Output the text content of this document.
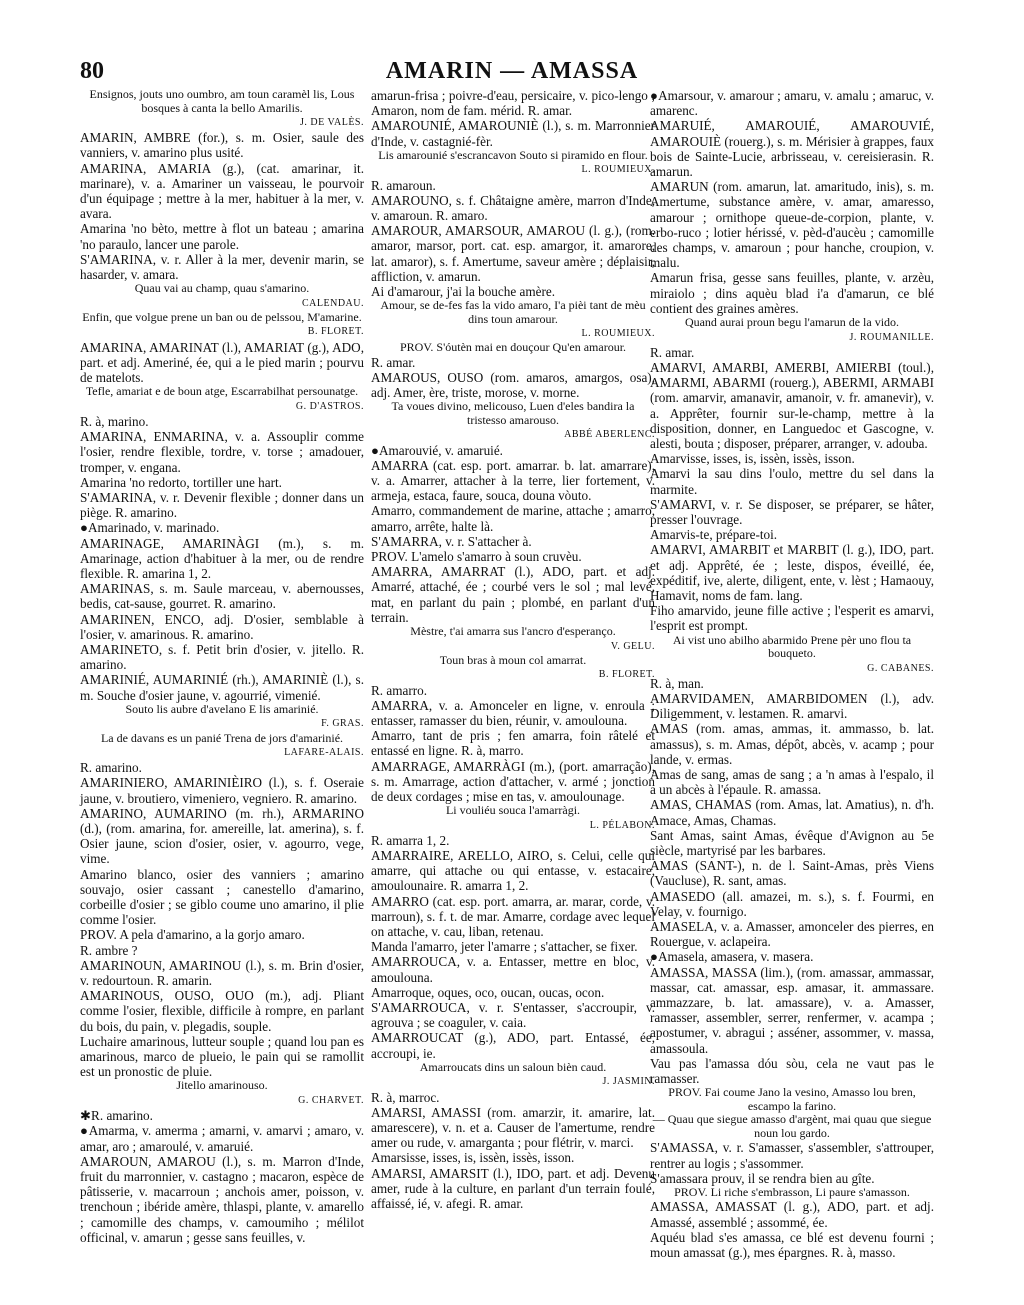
80	AMARIN — AMASSA

Ensignos, jouts uno oumbro, am toun caramèl lis, Lous bosques à canta la bello Amarilis.

J. DE VALÈS.

AMARIN, AMBRE (for.), s. m. Osier, saule des vanniers, v. amarino plus usité.

AMARINA, AMARIA (g.), (cat. amarinar, it. marinare), v. a. Amariner un vaisseau, le pourvoir d'un équipage ; mettre à la mer, habituer à la mer, v. avara.

Amarina 'no bèto, mettre à flot un bateau ; amarina 'no paraulo, lancer une parole.

S'AMARINA, v. r. Aller à la mer, devenir marin, se hasarder, v. amara.

Quau vai au champ, quau s'amarino.

CALENDAU.

Enfin, que volgue prene un ban ou de pelssou, M'amarine.

B. FLORET.

AMARINA, AMARINAT (l.), AMARIAT (g.), ADO, part. et adj. Ameriné, ée, qui a le pied marin ; pourvu de matelots.

Tefle, amariat e de boun atge, Escarrabilhat persounatge.

G. D'ASTROS.

R. à, marino.

AMARINA, ENMARINA, v. a. Assouplir comme l'osier, rendre flexible, tordre, v. torse ; amadouer, tromper, v. engana.

Amarina 'no redorto, tortiller une hart.

S'AMARINA, v. r. Devenir flexible ; donner dans un piège. R. amarino.

●Amarinado, v. marinado.

AMARINAGE, AMARINÀGI (m.), s. m. Amarinage, action d'habituer à la mer, ou de rendre flexible. R. amarina 1, 2.

AMARINAS, s. m. Saule marceau, v. abernousses, bedis, cat-sause, gourret. R. amarino.

AMARINEN, ENCO, adj. D'osier, semblable à l'osier, v. amarinous. R. amarino.

AMARINETO, s. f. Petit brin d'osier, v. jitello. R. amarino.

AMARINIÉ, AUMARINIÉ (rh.), AMARINIÈ (l.), s. m. Souche d'osier jaune, v. agourrié, vimenié.

Souto lis aubre d'avelano E lis amarinié.

F. GRAS.

La de davans es un panié Trena de jors d'amarinié.

LAFARE-ALAIS.

R. amarino.

AMARINIERO, AMARINIÈIRO (l.), s. f. Oseraie jaune, v. broutiero, vimeniero, vegniero. R. amarino.

AMARINO, AUMARINO (m. rh.), ARMARINO (d.), (rom. amarina, for. amereille, lat. amerina), s. f. Osier jaune, scion d'osier, osier, v. agourro, vege, vime.

Amarino blanco, osier des vanniers ; amarino souvajo, osier cassant ; canestello d'amarino, corbeille d'osier ; se giblo coume uno amarino, il plie comme l'osier.

PROV. A pela d'amarino, a la gorjo amaro.

R. ambre ?

AMARINOUN, AMARINOU (l.), s. m. Brin d'osier, v. redourtoun. R. amarin.

AMARINOUS, OUSO, OUO (m.), adj. Pliant comme l'osier, flexible, difficile à rompre, en parlant du bois, du pain, v. plegadis, souple.

Luchaire amarinous, lutteur souple ; quand lou pan es amarinous, marco de plueio, le pain qui se ramollit est un pronostic de pluie.

Jitello amarinouso.

G. CHARVET.

✱R. amarino.

●Amarma, v. amerma ; amarni, v. amarvi ; amaro, v. amar, aro ; amaroulé, v. amaruié.

AMAROUN, AMAROU (l.), s. m. Marron d'Inde, fruit du marronnier, v. castagno ; macaron, espèce de pâtisserie, v. macarroun ; anchois amer, poisson, v. trenchoun ; ibéride amère, thlaspi, plante, v. amarello ; camomille des champs, v. camoumiho ; mélilot officinal, v. amarun ; gesse sans feuilles, v.

amarun-frisa ; poivre-d'eau, persicaire, v. pico-lengo ; Amaron, nom de fam. mérid. R. amar.

AMAROUNIÉ, AMAROUNIÈ (l.), s. m. Marronnier d'Inde, v. castagnié-fèr.

Lis amarounié s'escrancavon Souto si piramido en flour.

L. ROUMIEUX.

R. amaroun.

AMAROUNO, s. f. Châtaigne amère, marron d'Inde, v. amaroun. R. amaro.

AMAROUR, AMARSOUR, AMAROU (l. g.), (rom. amaror, marsor, port. cat. esp. amargor, it. amarore, lat. amaror), s. f. Amertume, saveur amère ; déplaisir, affliction, v. amarun.

Ai d'amarour, j'ai la bouche amère.

Amour, se de-fes fas la vido amaro, I'a pièi tant de mèu dins toun amarour.

L. ROUMIEUX.

PROV. S'óutèn mai en douçour Qu'en amarour.

R. amar.

AMAROUS, OUSO (rom. amaros, amargos, osa), adj. Amer, ère, triste, morose, v. morne.

Ta voues divino, melicouso, Luen d'eles bandira la tristesso amarouso.

ABBÉ ABERLENC.

●Amarouvié, v. amaruié.

AMARRA (cat. esp. port. amarrar. b. lat. amarrare), v. a. Amarrer, attacher à la terre, lier fortement, v. armeja, estaca, faure, souca, douna vòuto.

Amarro, commandement de marine, attache ; amarro, amarro, arrête, halte là.

S'AMARRA, v. r. S'attacher à.

PROV. L'amelo s'amarro à soun cruvèu.

AMARRA, AMARRAT (l.), ADO, part. et adj. Amarré, attaché, ée ; courbé vers le sol ; mal levé, mat, en parlant du pain ; plombé, en parlant d'un terrain.

Mèstre, t'ai amarra sus l'ancro d'esperanço.

V. GELU.

Toun bras à moun col amarrat.

B. FLORET.

R. amarro.

AMARRA, v. a. Amonceler en ligne, v. enroula ; entasser, ramasser du bien, réunir, v. amoulouna.

Amarro, tant de pris ; fen amarra, foin râtelé et entassé en ligne. R. à, marro.

AMARRAGE, AMARRÀGI (m.), (port. amarração), s. m. Amarrage, action d'attacher, v. armé ; jonction de deux cordages ; mise en tas, v. amoulounage.

Li vouliéu souca l'amarràgi.

L. PÉLABON.

R. amarra 1, 2.

AMARRAIRE, ARELLO, AIRO, s. Celui, celle qui amarre, qui attache ou qui entasse, v. estacaire, amoulounaire. R. amarra 1, 2.

AMARRO (cat. esp. port. amarra, ar. marar, corde, v. marroun), s. f. t. de mar. Amarre, cordage avec lequel on attache, v. cau, liban, retenau.

Manda l'amarro, jeter l'amarre ; s'attacher, se fixer.

AMARROUCA, v. a. Entasser, mettre en bloc, v. amoulouna.

Amarroque, oques, oco, oucan, oucas, ocon.

S'AMARROUCA, v. r. S'entasser, s'accroupir, v. agrouva ; se coaguler, v. caia.

AMARROUCAT (g.), ADO, part. Entassé, ée, accroupi, ie.

Amarroucats dins un saloun bièn caud.

J. JASMIN.

R. à, marroc.

AMARSI, AMASSI (rom. amarzir, it. amarire, lat. amarescere), v. n. et a. Causer de l'amertume, rendre amer ou rude, v. amarganta ; pour flétrir, v. marci.

Amarsisse, isses, is, issèn, issès, isson.

AMARSI, AMARSIT (l.), IDO, part. et adj. Devenu amer, rude à la culture, en parlant d'un terrain foulé, affaissé, ié, v. afegi. R. amar.

●Amarsour, v. amarour ; amaru, v. amalu ; amaruc, v. amarenc.

AMARUIÉ, AMAROUIÉ, AMAROUVIÉ, AMAROUIÈ (rouerg.), s. m. Mérisier à grappes, faux bois de Sainte-Lucie, arbrisseau, v. cereisierasin. R. amarun.

AMARUN (rom. amarun, lat. amaritudo, inis), s. m. Amertume, substance amère, v. amar, amaresso, amarour ; ornithope queue-de-corpion, plante, v. erbo-ruco ; lotier hérissé, v. pèd-d'aucèu ; camomille des champs, v. amaroun ; pour hanche, croupion, v. malu.

Amarun frisa, gesse sans feuilles, plante, v. arzèu, miraiolo ; dins aquèu blad i'a d'amarun, ce blé contient des graines amères.

Quand aurai proun begu l'amarun de la vido.

J. ROUMANILLE.

R. amar.

AMARVI, AMARBI, AMERBI, AMIERBI (toul.), AMARMI, ABARMI (rouerg.), ABERMI, ARMABI (rom. amarvir, amanavir, amanoir, v. fr. amanevir), v. a. Apprêter, fournir sur-le-champ, mettre à la disposition, donner, en Languedoc et Gascogne, v. alesti, bouta ; disposer, préparer, arranger, v. adouba.

Amarvisse, isses, is, issèn, issès, isson.

Amarvi la sau dins l'oulo, mettre du sel dans la marmite.

S'AMARVI, v. r. Se disposer, se préparer, se hâter, presser l'ouvrage.

Amarvis-te, prépare-toi.

AMARVI, AMARBIT et MARBIT (l. g.), IDO, part. et adj. Apprêté, ée ; leste, dispos, éveillé, ée, expéditif, ive, alerte, diligent, ente, v. lèst ; Hamaouy, Hamavit, noms de fam. lang.

Fiho amarvido, jeune fille active ; l'esperit es amarvi, l'esprit est prompt.

Ai vist uno abilho abarmido Prene pèr uno flou ta bouqueto.

G. CABANES.

R. à, man.

AMARVIDAMEN, AMARBIDOMEN (l.), adv. Diligemment, v. lestamen. R. amarvi.

AMAS (rom. amas, ammas, it. ammasso, b. lat. amassus), s. m. Amas, dépôt, abcès, v. acamp ; pour lande, v. ermas.

Amas de sang, amas de sang ; a 'n amas à l'espalo, il a un abcès à l'épaule. R. amassa.

AMAS, CHAMAS (rom. Amas, lat. Amatius), n. d'h. Amace, Amas, Chamas.

Sant Amas, saint Amas, évêque d'Avignon au 5e siècle, martyrisé par les barbares.

AMAS (SANT-), n. de l. Saint-Amas, près Viens (Vaucluse), R. sant, amas.

AMASEDO (all. amazei, m. s.), s. f. Fourmi, en Velay, v. fournigo.

AMASELA, v. a. Amasser, amonceler des pierres, en Rouergue, v. aclapeira.

●Amasela, amasera, v. masera.

AMASSA, MASSA (lim.), (rom. amassar, ammassar, massar, cat. amassar, esp. amasar, it. ammassare. ammazzare, b. lat. amassare), v. a. Amasser, ramasser, assembler, serrer, renfermer, v. acampa ; apostumer, v. abragui ; asséner, assommer, v. massa, amassoula.

Vau pas l'amassa dóu sòu, cela ne vaut pas le ramasser.

PROV. Fai coume Jano la vesino, Amasso lou bren, escampo la farino.

— Quau que siegue amasso d'argènt, mai quau que siegue noun lou gardo.

S'AMASSA, v. r. S'amasser, s'assembler, s'attrouper, rentrer au logis ; s'assommer.

S'amassara prouv, il se rendra bien au gîte.

PROV. Li riche s'embrasson, Li paure s'amasson.

AMASSA, AMASSAT (l. g.), ADO, part. et adj. Amassé, assemblé ; assommé, ée.

Aquéu blad s'es amassa, ce blé est devenu fourni ; moun amassat (g.), mes épargnes. R. à, masso.
